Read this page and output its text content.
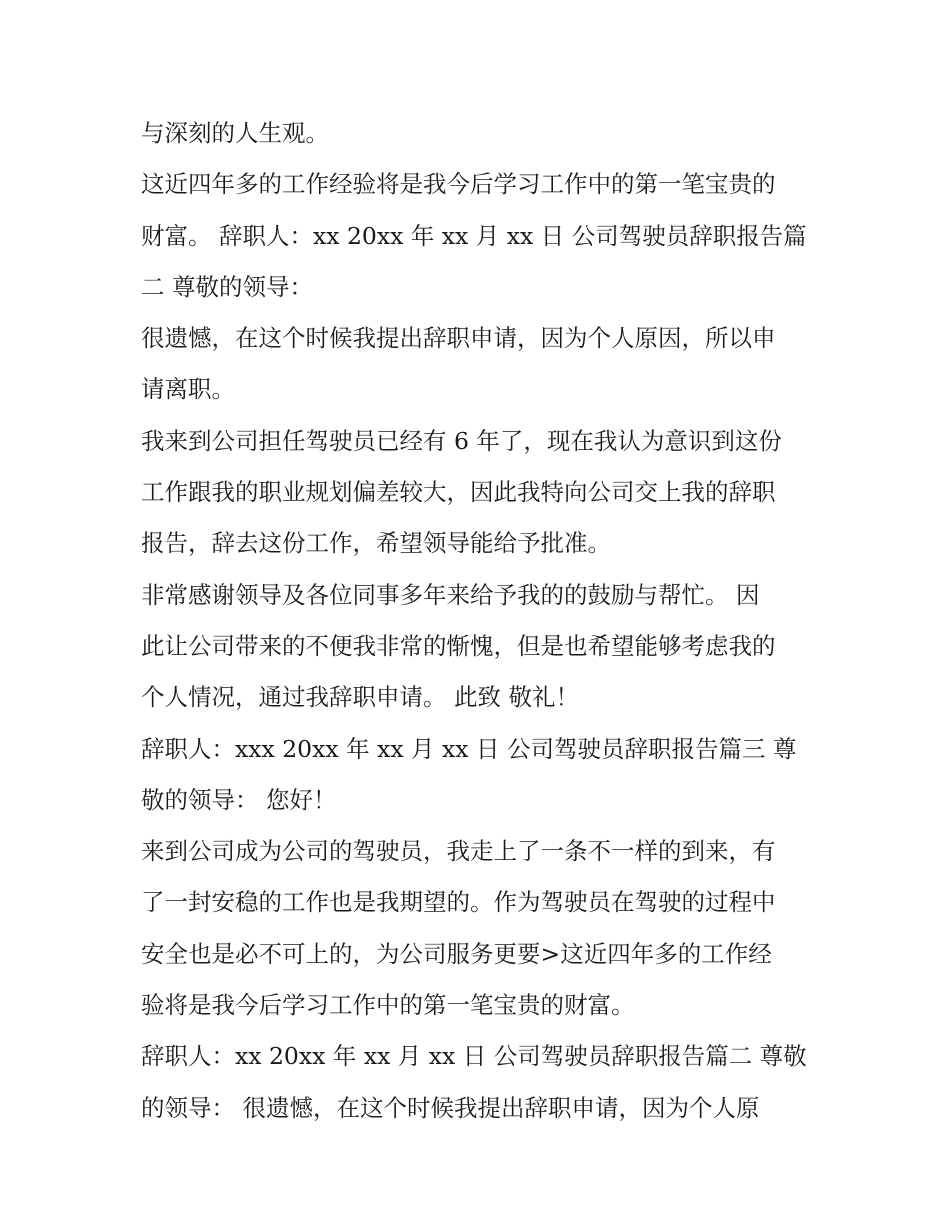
与深刻的人生观。
这近四年多的工作经验将是我今后学习工作中的第一笔宝贵的
财富。 辞职人：xx 20xx 年 xx 月 xx 日 公司驾驶员辞职报告篇
二 尊敬的领导：
很遗憾，在这个时候我提出辞职申请，因为个人原因，所以申
请离职。
我来到公司担任驾驶员已经有 6 年了，现在我认为意识到这份
工作跟我的职业规划偏差较大，因此我特向公司交上我的辞职
报告，辞去这份工作，希望领导能给予批准。
非常感谢领导及各位同事多年来给予我的的鼓励与帮忙。 因
此让公司带来的不便我非常的惭愧，但是也希望能够考虑我的
个人情况，通过我辞职申请。 此致 敬礼！
辞职人：xxx 20xx 年 xx 月 xx 日 公司驾驶员辞职报告篇三 尊
敬的领导： 您好！
来到公司成为公司的驾驶员，我走上了一条不一样的到来，有
了一封安稳的工作也是我期望的。作为驾驶员在驾驶的过程中
安全也是必不可上的，为公司服务更要>这近四年多的工作经
验将是我今后学习工作中的第一笔宝贵的财富。
辞职人：xx 20xx 年 xx 月 xx 日 公司驾驶员辞职报告篇二 尊敬
的领导： 很遗憾，在这个时候我提出辞职申请，因为个人原
